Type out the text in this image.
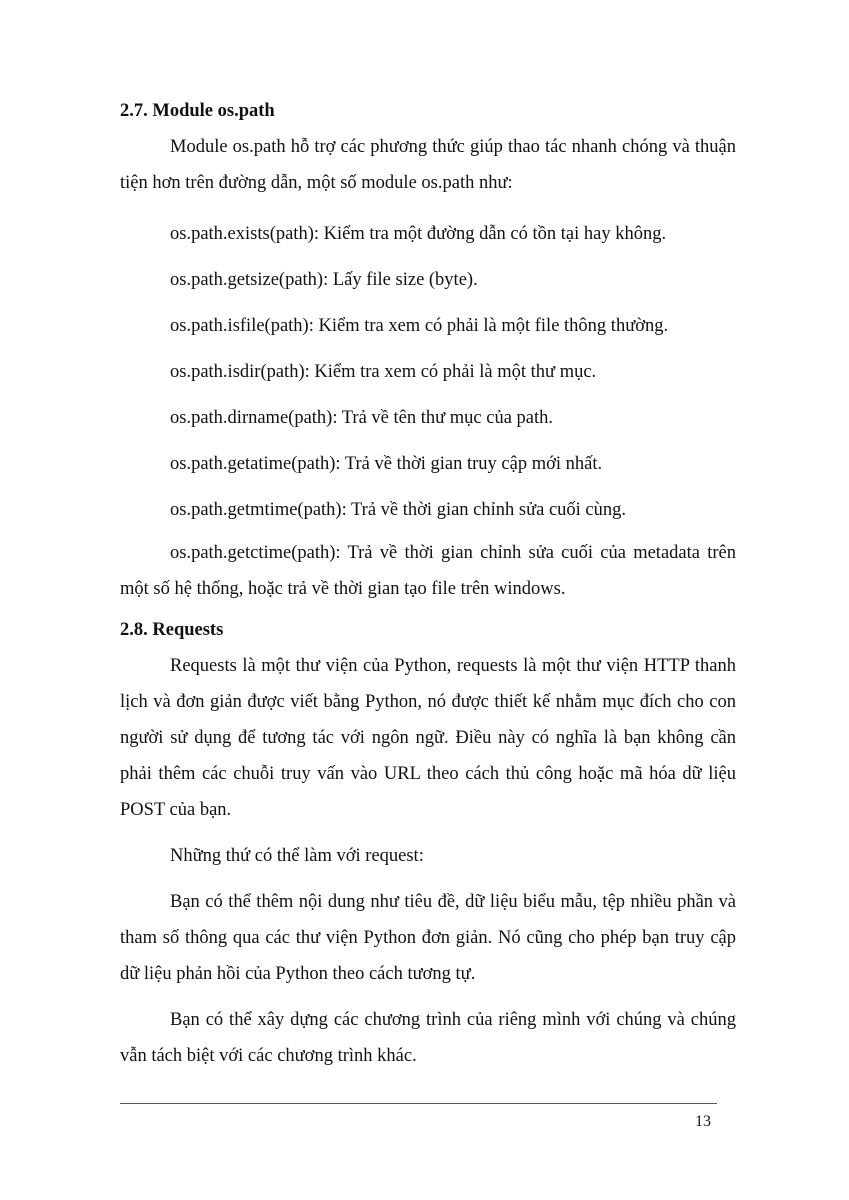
2.7. Module os.path

Module os.path hỗ trợ các phương thức giúp thao tác nhanh chóng và thuận tiện hơn trên đường dẫn, một số module os.path như:

os.path.exists(path): Kiểm tra một đường dẫn có tồn tại hay không.

os.path.getsize(path): Lấy file size (byte).

os.path.isfile(path): Kiểm tra xem có phải là một file thông thường.

os.path.isdir(path): Kiểm tra xem có phải là một thư mục.

os.path.dirname(path): Trả về tên thư mục của path.

os.path.getatime(path): Trả về thời gian truy cập mới nhất.

os.path.getmtime(path): Trả về thời gian chỉnh sửa cuối cùng.

os.path.getctime(path): Trả về thời gian chỉnh sửa cuối của metadata trên một số hệ thống, hoặc trả về thời gian tạo file trên windows.

2.8. Requests

Requests là một thư viện của Python, requests là một thư viện HTTP thanh lịch và đơn giản được viết bằng Python, nó được thiết kế nhằm mục đích cho con người sử dụng để tương tác với ngôn ngữ. Điều này có nghĩa là bạn không cần phải thêm các chuỗi truy vấn vào URL theo cách thủ công hoặc mã hóa dữ liệu POST của bạn.

Những thứ có thể làm với request:

Bạn có thể thêm nội dung như tiêu đề, dữ liệu biểu mẫu, tệp nhiều phần và tham số thông qua các thư viện Python đơn giản. Nó cũng cho phép bạn truy cập dữ liệu phản hồi của Python theo cách tương tự.

Bạn có thể xây dựng các chương trình của riêng mình với chúng và chúng vẫn tách biệt với các chương trình khác.

13
